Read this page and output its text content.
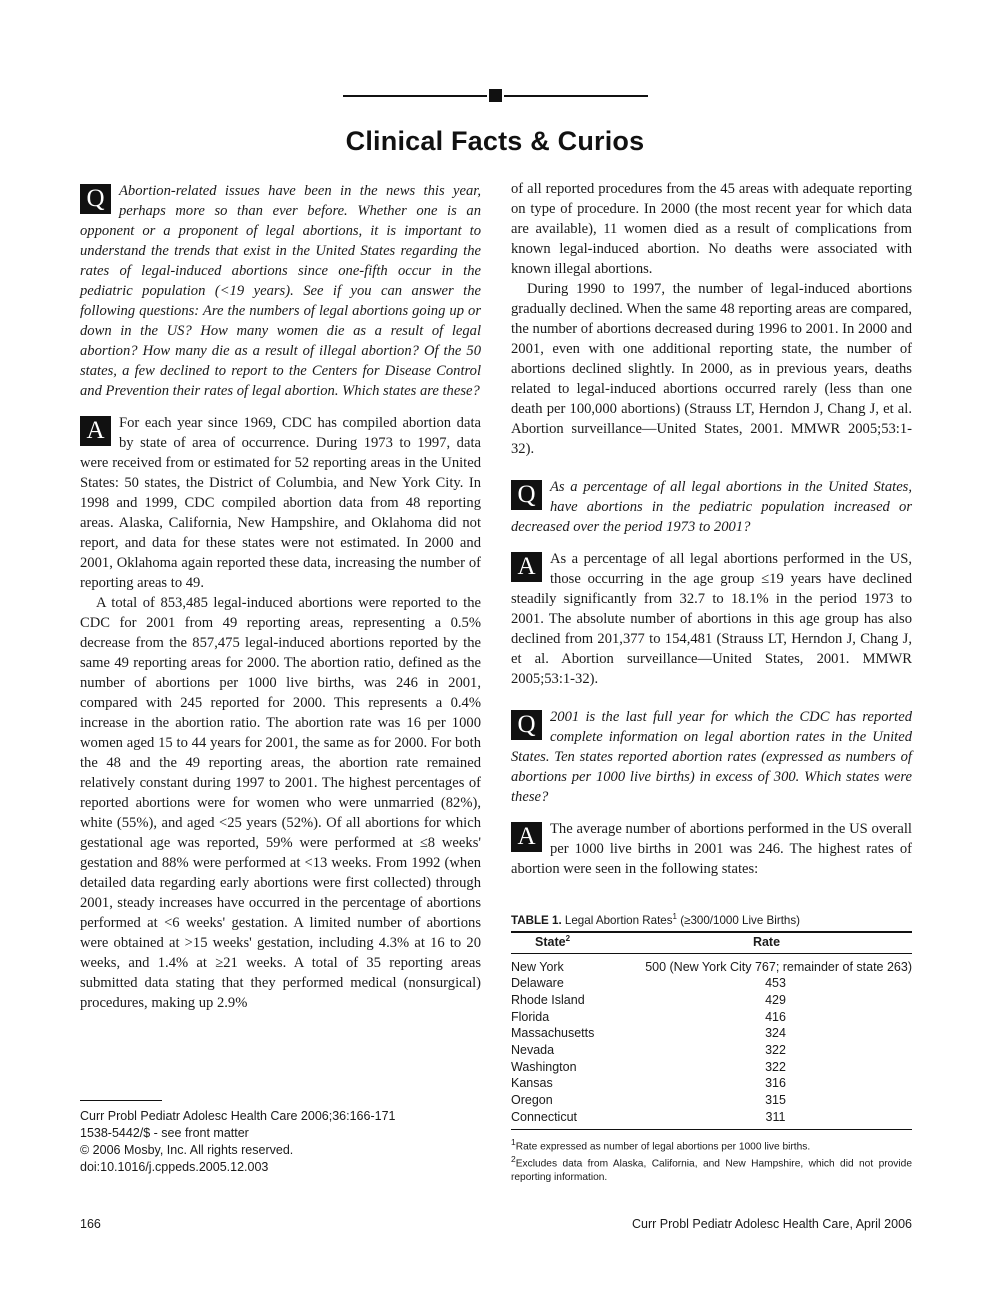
Clinical Facts & Curios
Q Abortion-related issues have been in the news this year, perhaps more so than ever before. Whether one is an opponent or a proponent of legal abortions, it is important to understand the trends that exist in the United States regarding the rates of legal-induced abortions since one-fifth occur in the pediatric population (<19 years). See if you can answer the following questions: Are the numbers of legal abortions going up or down in the US? How many women die as a result of legal abortion? How many die as a result of illegal abortion? Of the 50 states, a few declined to report to the Centers for Disease Control and Prevention their rates of legal abortion. Which states are these?

A For each year since 1969, CDC has compiled abortion data by state of area of occurrence. During 1973 to 1997, data were received from or estimated for 52 reporting areas in the United States: 50 states, the District of Columbia, and New York City. In 1998 and 1999, CDC compiled abortion data from 48 reporting areas. Alaska, California, New Hampshire, and Oklahoma did not report, and data for these states were not estimated. In 2000 and 2001, Oklahoma again reported these data, increasing the number of reporting areas to 49.

A total of 853,485 legal-induced abortions were reported to the CDC for 2001 from 49 reporting areas, representing a 0.5% decrease from the 857,475 legal-induced abortions reported by the same 49 reporting areas for 2000. The abortion ratio, defined as the number of abortions per 1000 live births, was 246 in 2001, compared with 245 reported for 2000. This represents a 0.4% increase in the abortion ratio. The abortion rate was 16 per 1000 women aged 15 to 44 years for 2001, the same as for 2000. For both the 48 and the 49 reporting areas, the abortion rate remained relatively constant during 1997 to 2001. The highest percentages of reported abortions were for women who were unmarried (82%), white (55%), and aged <25 years (52%). Of all abortions for which gestational age was reported, 59% were performed at ≤8 weeks' gestation and 88% were performed at <13 weeks. From 1992 (when detailed data regarding early abortions were first collected) through 2001, steady increases have occurred in the percentage of abortions performed at <6 weeks' gestation. A limited number of abortions were obtained at >15 weeks' gestation, including 4.3% at 16 to 20 weeks, and 1.4% at ≥21 weeks. A total of 35 reporting areas submitted data stating that they performed medical (nonsurgical) procedures, making up 2.9%

of all reported procedures from the 45 areas with adequate reporting on type of procedure. In 2000 (the most recent year for which data are available), 11 women died as a result of complications from known legal-induced abortion. No deaths were associated with known illegal abortions.

During 1990 to 1997, the number of legal-induced abortions gradually declined. When the same 48 reporting areas are compared, the number of abortions decreased during 1996 to 2001. In 2000 and 2001, even with one additional reporting state, the number of abortions declined slightly. In 2000, as in previous years, deaths related to legal-induced abortions occurred rarely (less than one death per 100,000 abortions) (Strauss LT, Herndon J, Chang J, et al. Abortion surveillance—United States, 2001. MMWR 2005;53:1-32).

Q As a percentage of all legal abortions in the United States, have abortions in the pediatric population increased or decreased over the period 1973 to 2001?

A As a percentage of all legal abortions performed in the US, those occurring in the age group ≤19 years have declined steadily significantly from 32.7 to 18.1% in the period 1973 to 2001. The absolute number of abortions in this age group has also declined from 201,377 to 154,481 (Strauss LT, Herndon J, Chang J, et al. Abortion surveillance—United States, 2001. MMWR 2005;53:1-32).

Q 2001 is the last full year for which the CDC has reported complete information on legal abortion rates in the United States. Ten states reported abortion rates (expressed as numbers of abortions per 1000 live births) in excess of 300. Which states were these?

A The average number of abortions performed in the US overall per 1000 live births in 2001 was 246. The highest rates of abortion were seen in the following states:

TABLE 1. Legal Abortion Rates$^1$ (≥300/1000 Live Births)
State$^2$	Rate
New York	500 (New York City 767; remainder of state 263)
Delaware	453
Rhode Island	429
Florida	416
Massachusetts	324
Nevada	322
Washington	322
Kansas	316
Oregon	315
Connecticut	311
$^1$Rate expressed as number of legal abortions per 1000 live births.
$^2$Excludes data from Alaska, California, and New Hampshire, which did not provide reporting information.
Curr Probl Pediatr Adolesc Health Care 2006;36:166-171
1538-5442/$ - see front matter
© 2006 Mosby, Inc. All rights reserved.
doi:10.1016/j.cppeds.2005.12.003
166	Curr Probl Pediatr Adolesc Health Care, April 2006
